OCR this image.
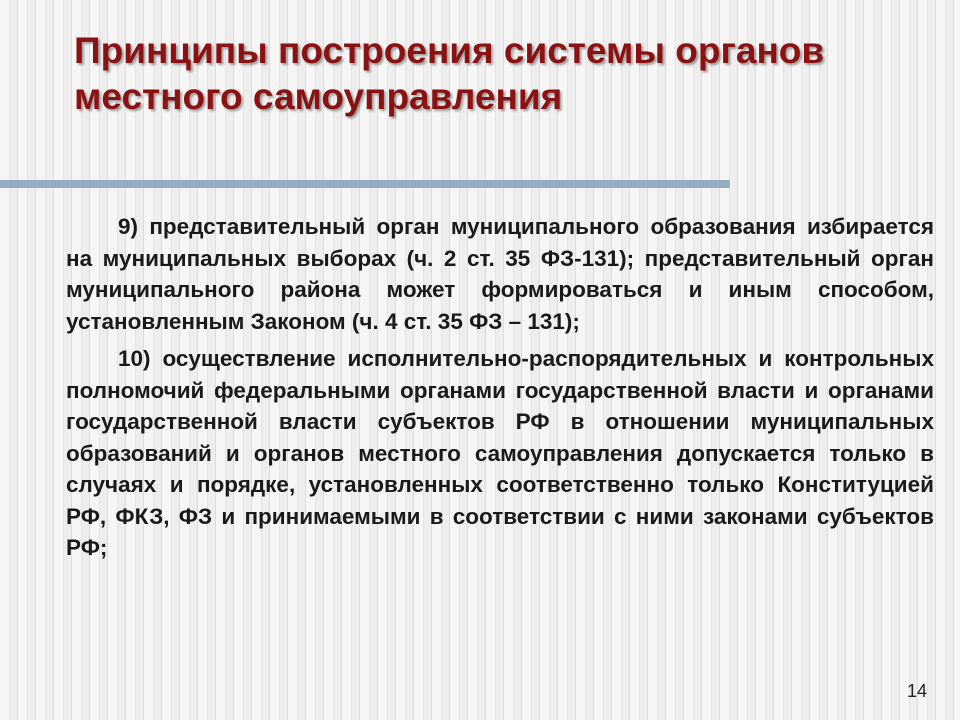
Принципы построения системы органов местного самоуправления

9) представительный орган муниципального образования избирается на муниципальных выборах (ч. 2 ст. 35 ФЗ-131); представительный орган муниципального района может формироваться и иным способом, установленным Законом (ч. 4 ст. 35 ФЗ – 131);

10) осуществление исполнительно-распорядительных и контрольных полномочий федеральными органами государственной власти и органами государственной власти субъектов РФ в отношении муниципальных образований и органов местного самоуправления допускается только в случаях и порядке, установленных соответственно только Конституцией РФ, ФКЗ, ФЗ и принимаемыми в соответствии с ними законами субъектов РФ;

14
